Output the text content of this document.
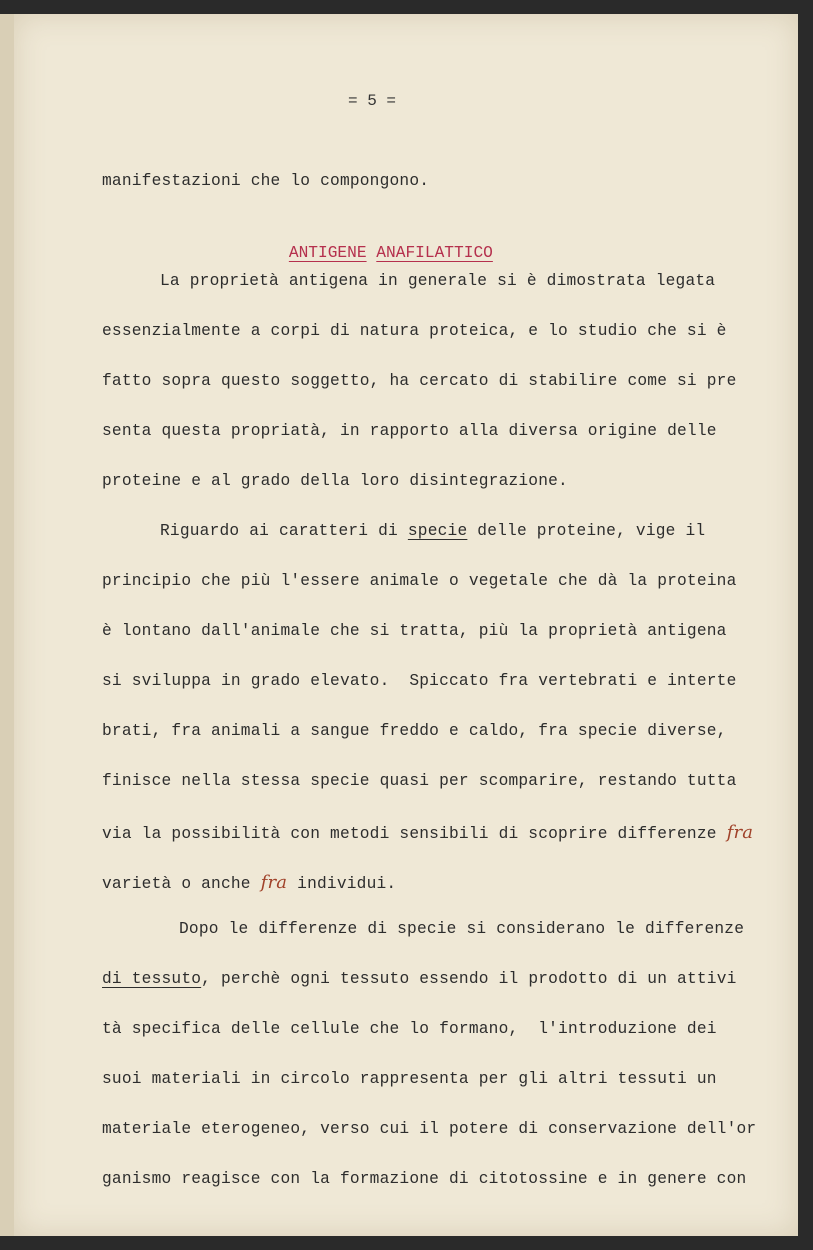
= 5 =
manifestazioni che lo compongono.

ANTIGENE ANAFILATTICO

La proprietà antigena in generale si è dimostrata legata
essenzialmente a corpi di natura proteica, e lo studio che si è
fatto sopra questo soggetto, ha cercato di stabilire come si pre
senta questa propriatà, in rapporto alla diversa origine delle
proteine e al grado della loro disintegrazione.
Riguardo ai caratteri di specie delle proteine, vige il
principio che più l'essere animale o vegetale che dà la proteina
è lontano dall'animale che si tratta, più la proprietà antigena
si sviluppa in grado elevato.  Spiccato fra vertebrati e interte
brati, fra animali a sangue freddo e caldo, fra specie diverse,
finisce nella stessa specie quasi per scomparire, restando tutta
via la possibilità con metodi sensibili di scoprire differenze fra
varietà o anche fra individui.
Dopo le differenze di specie si considerano le differenze
di tessuto, perchè ogni tessuto essendo il prodotto di un attivi
tà specifica delle cellule che lo formano,  l'introduzione dei
suoi materiali in circolo rappresenta per gli altri tessuti un
materiale eterogeneo, verso cui il potere di conservazione dell'or
ganismo reagisce con la formazione di citotossine e in genere con
